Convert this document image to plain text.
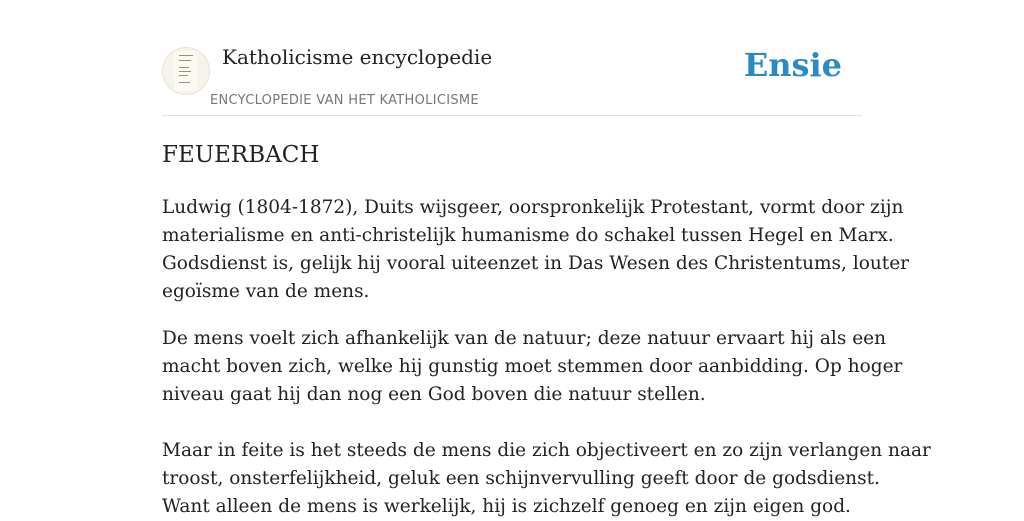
Katholicisme encyclopedie
ENCYCLOPEDIE VAN HET KATHOLICISME
Ensie
FEUERBACH

Ludwig (1804-1872), Duits wijsgeer, oorspronkelijk Protestant, vormt door zijn
materialisme en anti-christelijk humanisme do schakel tussen Hegel en Marx.
Godsdienst is, gelijk hij vooral uiteenzet in Das Wesen des Christentums, louter
egoïsme van de mens.

De mens voelt zich afhankelijk van de natuur; deze natuur ervaart hij als een
macht boven zich, welke hij gunstig moet stemmen door aanbidding. Op hoger
niveau gaat hij dan nog een God boven die natuur stellen.

Maar in feite is het steeds de mens die zich objectiveert en zo zijn verlangen naar
troost, onsterfelijkheid, geluk een schijnvervulling geeft door de godsdienst.
Want alleen de mens is werkelijk, hij is zichzelf genoeg en zijn eigen god.
